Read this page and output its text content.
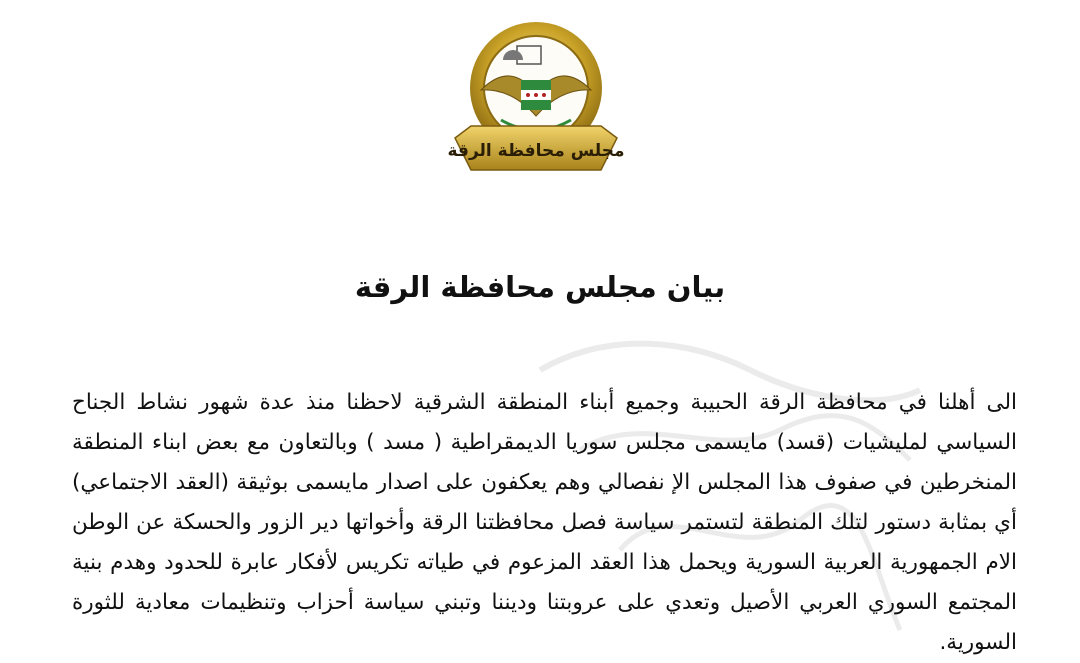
مجلس محافظة الرقة
بيان مجلس محافظة الرقة

الى أهلنا في محافظة الرقة الحبيبة وجميع أبناء المنطقة الشرقية لاحظنا منذ عدة شهور نشاط الجناح السياسي لمليشيات (قسد) مايسمى مجلس سوريا الديمقراطية ( مسد ) وبالتعاون مع بعض ابناء المنطقة المنخرطين في صفوف هذا المجلس الإ نفصالي وهم يعكفون على اصدار مايسمى بوثيقة (العقد الاجتماعي) أي بمثابة دستور لتلك المنطقة لتستمر سياسة فصل محافظتنا الرقة وأخواتها دير الزور والحسكة عن الوطن الام الجمهورية العربية السورية ويحمل هذا العقد المزعوم في طياته تكريس لأفكار عابرة للحدود وهدم بنية المجتمع السوري العربي الأصيل وتعدي على عروبتنا وديننا وتبني سياسة أحزاب وتنظيمات معادية للثورة السورية.
